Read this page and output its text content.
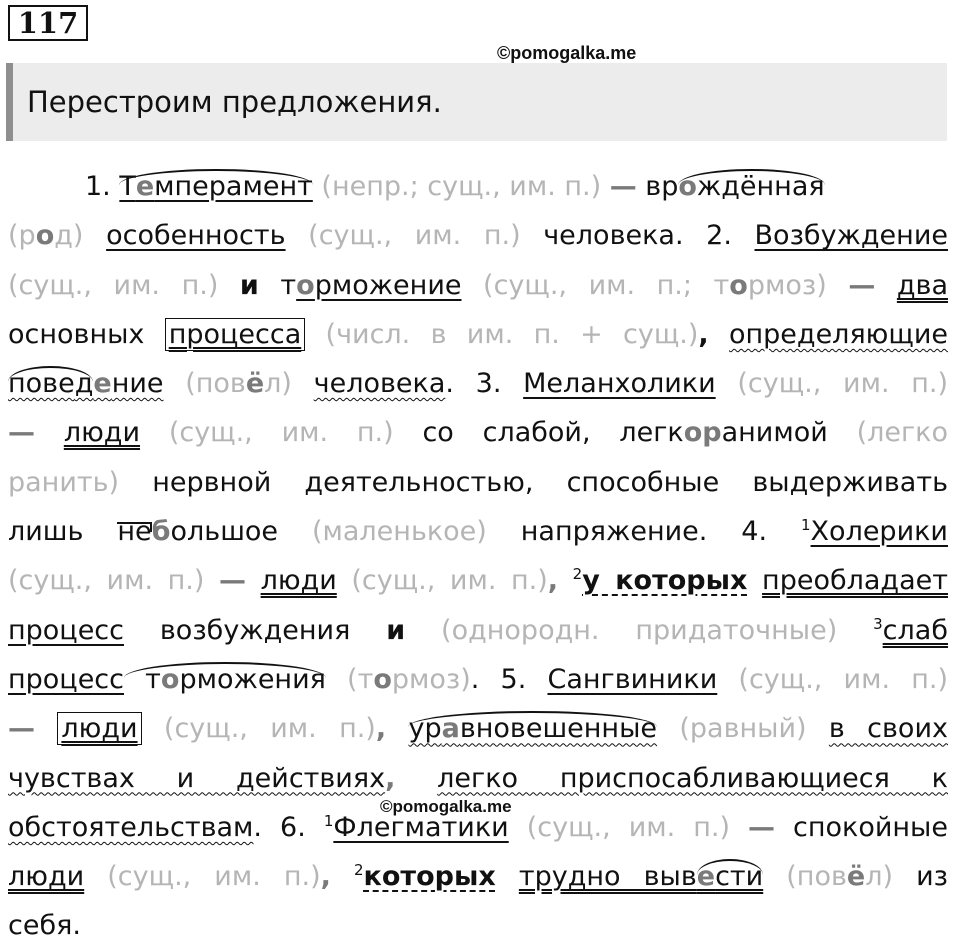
117
©pomogalka.me
Перестроим предложения.
1. Темперамент (непр.; сущ., им. п.) — врождённая
(род) особенность (сущ., им. п.) человека. 2. Возбуждение
(сущ., им. п.) и торможение (сущ., им. п.; тормоз) — два
основных процесса (числ. в им. п. + сущ.), определяющие
поведение (повёл) человека. 3. Меланхолики (сущ., им. п.)
— люди (сущ., им. п.) со слабой, легкоранимой (легко
ранить) нервной деятельностью, способные выдерживать
лишь небольшое (маленькое) напряжение. 4. $^1$Холерики
(сущ., им. п.) — люди (сущ., им. п.), $^2$у которых преобладает
процесс возбуждения и (однородн. придаточные) $^3$слаб
процесс торможения (тормоз). 5. Сангвиники (сущ., им. п.)
— люди (сущ., им. п.), уравновешенные (равный) в своих
чувствах и действиях, легко приспосабливающиеся к
обстоятельствам. 6. $^1$Флегматики (сущ., им. п.) — спокойные
люди (сущ., им. п.), $^2$которых трудно вывести (повёл) из
себя.
©pomogalka.me
